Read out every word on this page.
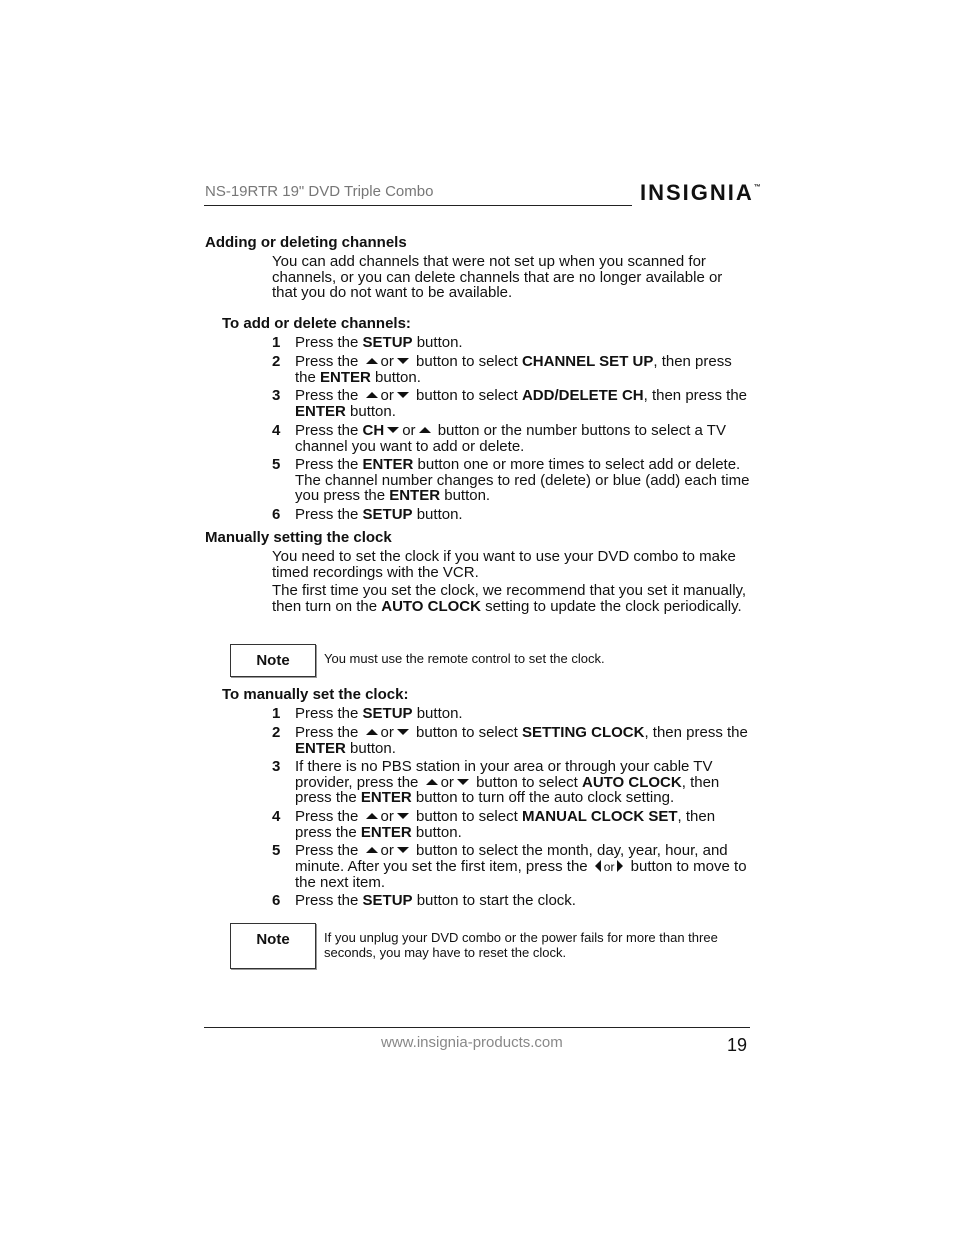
NS-19RTR 19" DVD Triple Combo	INSIGNIA™
Adding or deleting channels
You can add channels that were not set up when you scanned for channels, or you can delete channels that are no longer available or that you do not want to be available.
To add or delete channels:
1 Press the SETUP button.
2 Press the or button to select CHANNEL SET UP, then press the ENTER button.
3 Press the or button to select ADD/DELETE CH, then press the ENTER button.
4 Press the CH or button or the number buttons to select a TV channel you want to add or delete.
5 Press the ENTER button one or more times to select add or delete. The channel number changes to red (delete) or blue (add) each time you press the ENTER button.
6 Press the SETUP button.
Manually setting the clock
You need to set the clock if you want to use your DVD combo to make timed recordings with the VCR.
The first time you set the clock, we recommend that you set it manually, then turn on the AUTO CLOCK setting to update the clock periodically.
Note	You must use the remote control to set the clock.
To manually set the clock:
1 Press the SETUP button.
2 Press the or button to select SETTING CLOCK, then press the ENTER button.
3 If there is no PBS station in your area or through your cable TV provider, press the or button to select AUTO CLOCK, then press the ENTER button to turn off the auto clock setting.
4 Press the or button to select MANUAL CLOCK SET, then press the ENTER button.
5 Press the or button to select the month, day, year, hour, and minute. After you set the first item, press the or button to move to the next item.
6 Press the SETUP button to start the clock.
Note	If you unplug your DVD combo or the power fails for more than three seconds, you may have to reset the clock.
www.insignia-products.com	19
